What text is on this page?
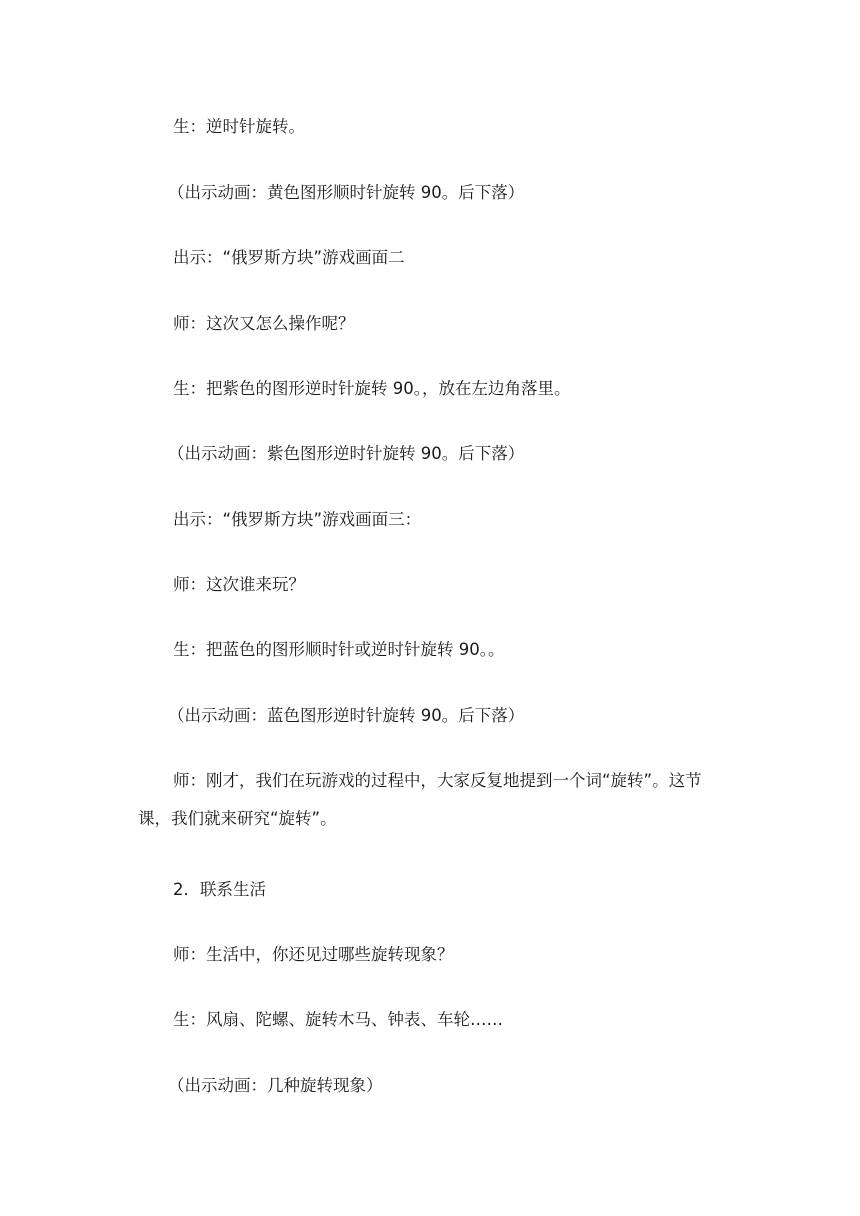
生：逆时针旋转。

（出示动画：黄色图形顺时针旋转 90。后下落）

出示：“俄罗斯方块”游戏画面二

师：这次又怎么操作呢？

生：把紫色的图形逆时针旋转 90。，放在左边角落里。

（出示动画：紫色图形逆时针旋转 90。后下落）

出示：“俄罗斯方块”游戏画面三：

师：这次谁来玩？

生：把蓝色的图形顺时针或逆时针旋转 90。。

（出示动画：蓝色图形逆时针旋转 90。后下落）

师：刚才，我们在玩游戏的过程中，大家反复地提到一个词“旋转”。这节课，我们就来研究“旋转”。

2．联系生活

师：生活中，你还见过哪些旋转现象？

生：风扇、陀螺、旋转木马、钟表、车轮……

（出示动画：几种旋转现象）
